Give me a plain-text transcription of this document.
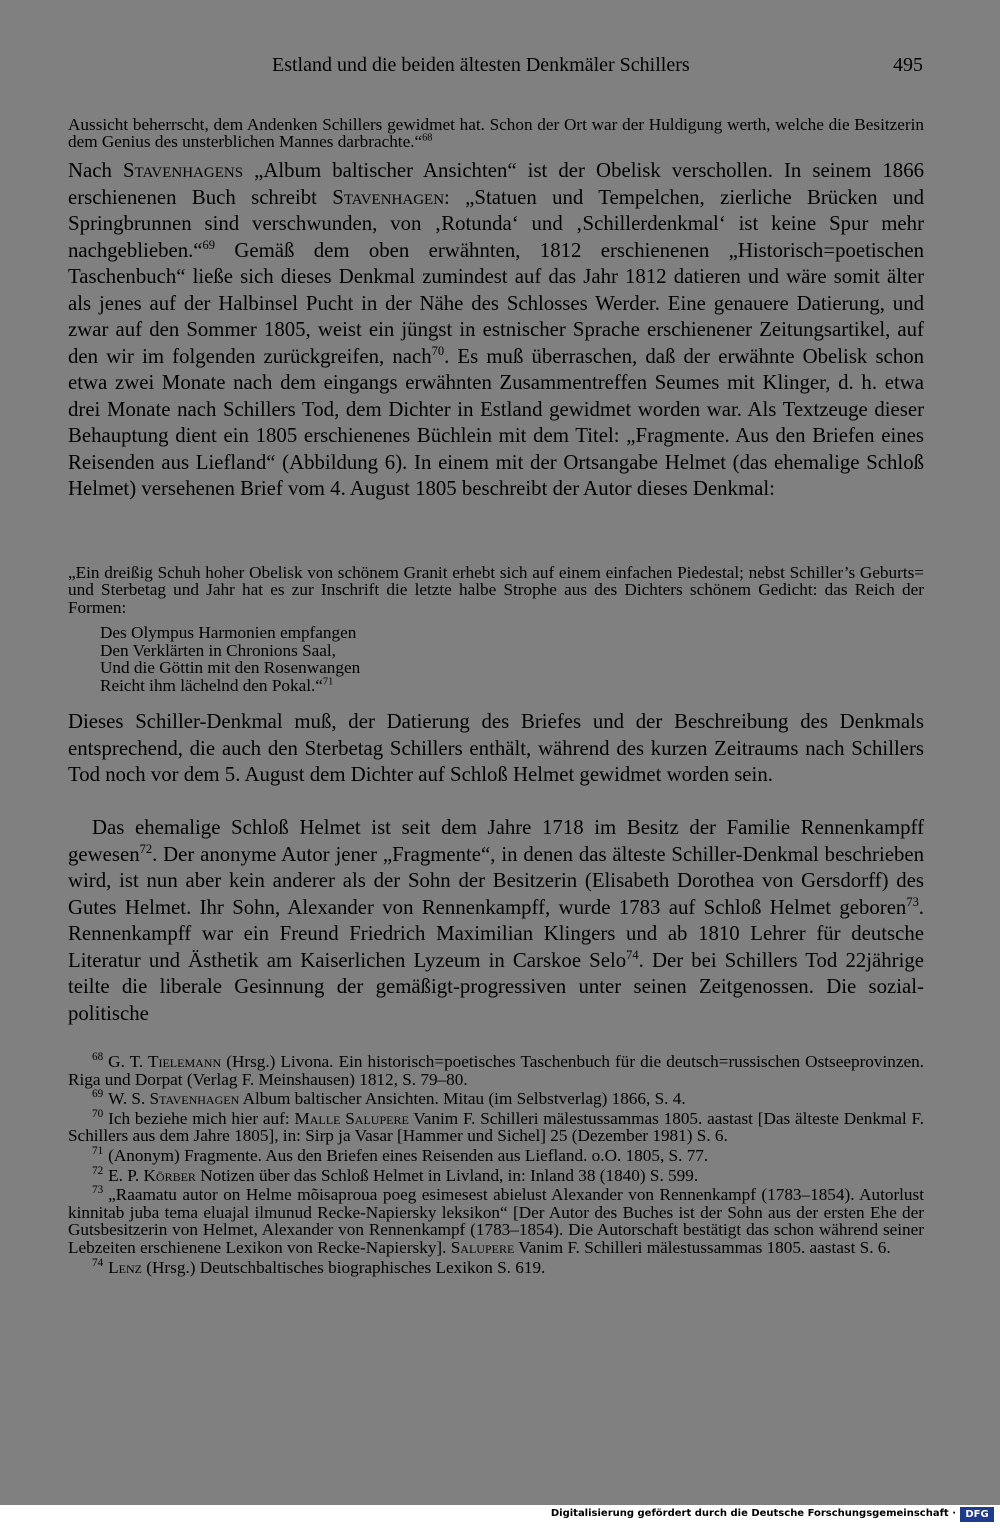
Estland und die beiden ältesten Denkmäler Schillers	495

Aussicht beherrscht, dem Andenken Schillers gewidmet hat. Schon der Ort war der Huldigung werth, welche die Besitzerin dem Genius des unsterblichen Mannes darbrachte.“$^{68}$

Nach Stavenhagens „Album baltischer Ansichten“ ist der Obelisk verschollen. In seinem 1866 erschienenen Buch schreibt Stavenhagen: „Statuen und Tempelchen, zierliche Brücken und Springbrunnen sind verschwunden, von ‚Rotunda‘ und ‚Schillerdenkmal‘ ist keine Spur mehr nachgeblieben.“$^{69}$ Gemäß dem oben erwähnten, 1812 erschienenen „Historisch=poetischen Taschenbuch“ ließe sich dieses Denkmal zumindest auf das Jahr 1812 datieren und wäre somit älter als jenes auf der Halbinsel Pucht in der Nähe des Schlosses Werder. Eine genauere Datierung, und zwar auf den Sommer 1805, weist ein jüngst in estnischer Sprache erschienener Zeitungsartikel, auf den wir im folgenden zurückgreifen, nach$^{70}$. Es muß überraschen, daß der erwähnte Obelisk schon etwa zwei Monate nach dem eingangs erwähnten Zusammentreffen Seumes mit Klinger, d. h. etwa drei Monate nach Schillers Tod, dem Dichter in Estland gewidmet worden war. Als Textzeuge dieser Behauptung dient ein 1805 erschienenes Büchlein mit dem Titel: „Fragmente. Aus den Briefen eines Reisenden aus Liefland“ (Abbildung 6). In einem mit der Ortsangabe Helmet (das ehemalige Schloß Helmet) versehenen Brief vom 4. August 1805 beschreibt der Autor dieses Denkmal:

„Ein dreißig Schuh hoher Obelisk von schönem Granit erhebt sich auf einem einfachen Piedestal; nebst Schiller’s Geburts= und Sterbetag und Jahr hat es zur Inschrift die letzte halbe Strophe aus des Dichters schönem Gedicht: das Reich der Formen:

Des Olympus Harmonien empfangen
Den Verklärten in Chronions Saal,
Und die Göttin mit den Rosenwangen
Reicht ihm lächelnd den Pokal.“$^{71}$

Dieses Schiller-Denkmal muß, der Datierung des Briefes und der Beschreibung des Denkmals entsprechend, die auch den Sterbetag Schillers enthält, während des kurzen Zeitraums nach Schillers Tod noch vor dem 5. August dem Dichter auf Schloß Helmet gewidmet worden sein.

Das ehemalige Schloß Helmet ist seit dem Jahre 1718 im Besitz der Familie Rennenkampff gewesen$^{72}$. Der anonyme Autor jener „Fragmente“, in denen das älteste Schiller-Denkmal beschrieben wird, ist nun aber kein anderer als der Sohn der Besitzerin (Elisabeth Dorothea von Gersdorff) des Gutes Helmet. Ihr Sohn, Alexander von Rennenkampff, wurde 1783 auf Schloß Helmet geboren$^{73}$. Rennenkampff war ein Freund Friedrich Maximilian Klingers und ab 1810 Lehrer für deutsche Literatur und Ästhetik am Kaiserlichen Lyzeum in Carskoe Selo$^{74}$. Der bei Schillers Tod 22jährige teilte die liberale Gesinnung der gemäßigt-progressiven unter seinen Zeitgenossen. Die sozial-politische

$^{68}$ G. T. Tielemann (Hrsg.) Livona. Ein historisch=poetisches Taschenbuch für die deutsch=russischen Ostseeprovinzen. Riga und Dorpat (Verlag F. Meinshausen) 1812, S. 79–80.

$^{69}$ W. S. Stavenhagen Album baltischer Ansichten. Mitau (im Selbstverlag) 1866, S. 4.

$^{70}$ Ich beziehe mich hier auf: Malle Salupere Vanim F. Schilleri mälestussammas 1805. aastast [Das älteste Denkmal F. Schillers aus dem Jahre 1805], in: Sirp ja Vasar [Hammer und Sichel] 25 (Dezember 1981) S. 6.

$^{71}$ (Anonym) Fragmente. Aus den Briefen eines Reisenden aus Liefland. o.O. 1805, S. 77.

$^{72}$ E. P. Körber Notizen über das Schloß Helmet in Livland, in: Inland 38 (1840) S. 599.

$^{73}$ „Raamatu autor on Helme mõisaproua poeg esimesest abielust Alexander von Rennenkampf (1783–1854). Autorlust kinnitab juba tema eluajal ilmunud Recke-Napiersky leksikon“ [Der Autor des Buches ist der Sohn aus der ersten Ehe der Gutsbesitzerin von Helmet, Alexander von Rennenkampf (1783–1854). Die Autorschaft bestätigt das schon während seiner Lebzeiten erschienene Lexikon von Recke-Napiersky]. Salupere Vanim F. Schilleri mälestussammas 1805. aastast S. 6.

$^{74}$ Lenz (Hrsg.) Deutschbaltisches biographisches Lexikon S. 619.

Digitalisierung gefördert durch die Deutsche Forschungsgemeinschaft · DFG
